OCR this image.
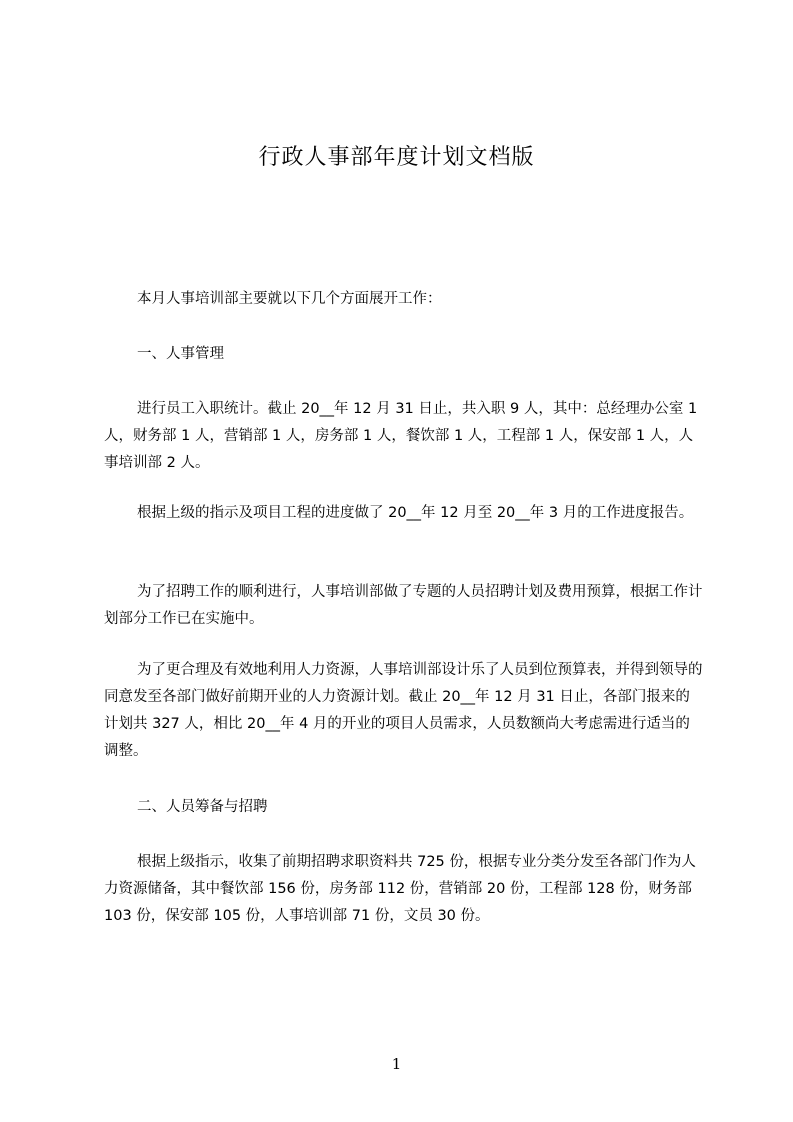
行政人事部年度计划文档版

本月人事培训部主要就以下几个方面展开工作：

一、人事管理

进行员工入职统计。截止 20__年 12 月 31 日止，共入职 9 人，其中：总经理办公室 1 人，财务部 1 人，营销部 1 人，房务部 1 人，餐饮部 1 人，工程部 1 人，保安部 1 人，人事培训部 2 人。

根据上级的指示及项目工程的进度做了 20__年 12 月至 20__年 3 月的工作进度报告。

为了招聘工作的顺利进行，人事培训部做了专题的人员招聘计划及费用预算，根据工作计划部分工作已在实施中。

为了更合理及有效地利用人力资源，人事培训部设计乐了人员到位预算表，并得到领导的同意发至各部门做好前期开业的人力资源计划。截止 20__年 12 月 31 日止，各部门报来的计划共 327 人，相比 20__年 4 月的开业的项目人员需求，人员数额尚大考虑需进行适当的调整。

二、人员筹备与招聘

根据上级指示，收集了前期招聘求职资料共 725 份，根据专业分类分发至各部门作为人力资源储备，其中餐饮部 156 份，房务部 112 份，营销部 20 份，工程部 128 份，财务部 103 份，保安部 105 份，人事培训部 71 份，文员 30 份。

1
